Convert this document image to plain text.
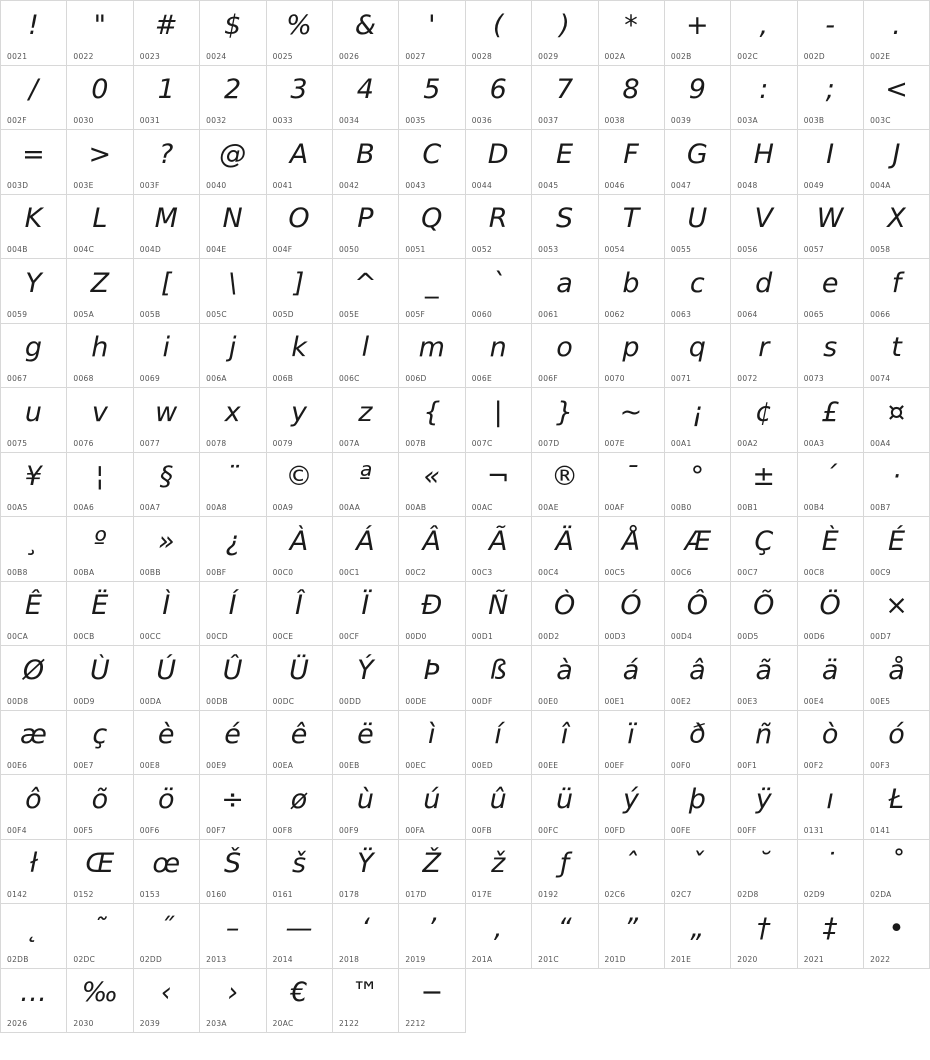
!
0021
"
0022
#
0023
$
0024
%
0025
&
0026
'
0027
(
0028
)
0029
*
002A
+
002B
,
002C
-
002D
.
002E
/
002F
0
0030
1
0031
2
0032
3
0033
4
0034
5
0035
6
0036
7
0037
8
0038
9
0039
:
003A
;
003B
<
003C
=
003D
>
003E
?
003F
@
0040
A
0041
B
0042
C
0043
D
0044
E
0045
F
0046
G
0047
H
0048
I
0049
J
004A
K
004B
L
004C
M
004D
N
004E
O
004F
P
0050
Q
0051
R
0052
S
0053
T
0054
U
0055
V
0056
W
0057
X
0058
Y
0059
Z
005A
[
005B
\
005C
]
005D
^
005E
_
005F
`
0060
a
0061
b
0062
c
0063
d
0064
e
0065
f
0066
g
0067
h
0068
i
0069
j
006A
k
006B
l
006C
m
006D
n
006E
o
006F
p
0070
q
0071
r
0072
s
0073
t
0074
u
0075
v
0076
w
0077
x
0078
y
0079
z
007A
{
007B
|
007C
}
007D
~
007E
¡
00A1
¢
00A2
£
00A3
¤
00A4
¥
00A5
¦
00A6
§
00A7
¨
00A8
©
00A9
ª
00AA
«
00AB
¬
00AC
®
00AE
¯
00AF
°
00B0
±
00B1
´
00B4
·
00B7
¸
00B8
º
00BA
»
00BB
¿
00BF
À
00C0
Á
00C1
Â
00C2
Ã
00C3
Ä
00C4
Å
00C5
Æ
00C6
Ç
00C7
È
00C8
É
00C9
Ê
00CA
Ë
00CB
Ì
00CC
Í
00CD
Î
00CE
Ï
00CF
Ð
00D0
Ñ
00D1
Ò
00D2
Ó
00D3
Ô
00D4
Õ
00D5
Ö
00D6
×
00D7
Ø
00D8
Ù
00D9
Ú
00DA
Û
00DB
Ü
00DC
Ý
00DD
Þ
00DE
ß
00DF
à
00E0
á
00E1
â
00E2
ã
00E3
ä
00E4
å
00E5
æ
00E6
ç
00E7
è
00E8
é
00E9
ê
00EA
ë
00EB
ì
00EC
í
00ED
î
00EE
ï
00EF
ð
00F0
ñ
00F1
ò
00F2
ó
00F3
ô
00F4
õ
00F5
ö
00F6
÷
00F7
ø
00F8
ù
00F9
ú
00FA
û
00FB
ü
00FC
ý
00FD
þ
00FE
ÿ
00FF
ı
0131
Ł
0141
ł
0142
Œ
0152
œ
0153
Š
0160
š
0161
Ÿ
0178
Ž
017D
ž
017E
ƒ
0192
ˆ
02C6
ˇ
02C7
˘
02D8
˙
02D9
˚
02DA
˛
02DB
˜
02DC
˝
02DD
–
2013
—
2014
‘
2018
’
2019
‚
201A
“
201C
”
201D
„
201E
†
2020
‡
2021
•
2022
…
2026
‰
2030
‹
2039
›
203A
€
20AC
™
2122
−
2212
